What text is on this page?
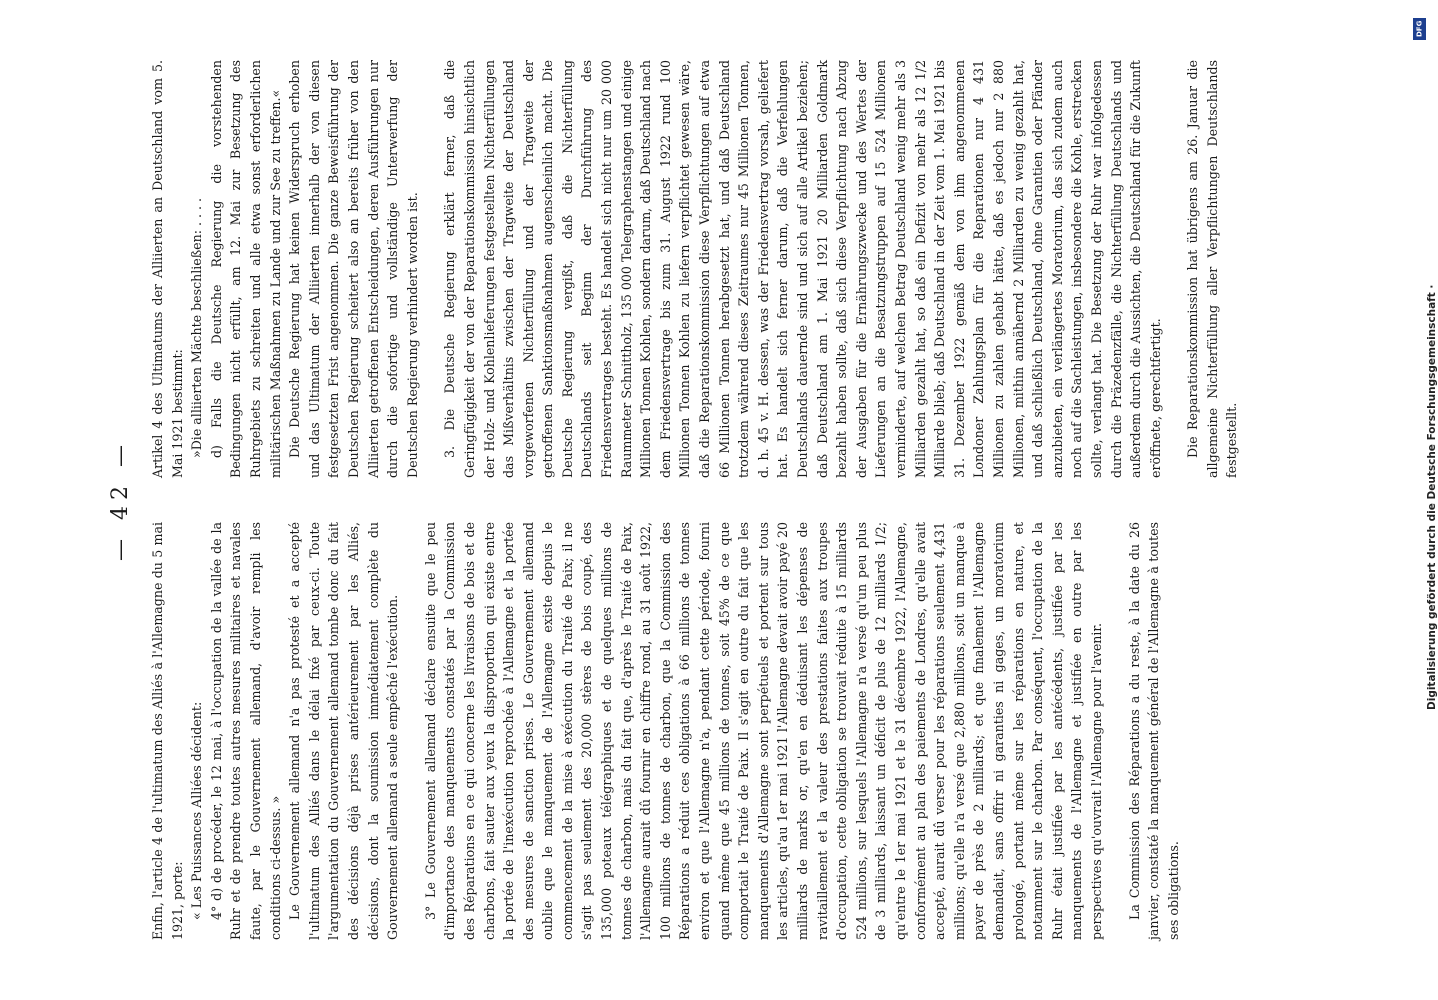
— 42 —

Enfin, l'article 4 de l'ultimatum des Alliés à l'Allemagne du 5 mai 1921, porte: « Les Puissances Alliées décident: 4° d) de procéder, le 12 mai, à l'occupation de la vallée de la Ruhr et de prendre toutes autres mesures militaires et navales faute, par le Gouvernement allemand, d'avoir rempli les conditions ci-dessus. » Le Gouvernement allemand n'a pas protesté et a accepté l'ultimatum des Alliés dans le délai fixé par ceux-ci. Toute l'argumentation du Gouvernement allemand tombe donc du fait des décisions déjà prises antérieurement par les Alliés, décisions, dont la soumission immédiatement complète du Gouvernement allemand a seule empêché l'exécution. 3° Le Gouvernement allemand déclare ensuite que le peu d'importance des manquements constatés par la Commission des Réparations en ce qui concerne les livraisons de bois et de charbons, fait sauter aux yeux la disproportion qui existe entre la portée de l'inexécution reprochée à l'Allemagne et la portée des mesures de sanction prises. Le Gouvernement allemand oublie que le manquement de l'Allemagne existe depuis le commencement de la mise à exécution du Traité de Paix; il ne s'agit pas seulement des 20,000 stères de bois coupé, des 135,000 poteaux télégraphiques et de quelques millions de tonnes de charbon, mais du fait que, d'après le Traité de Paix, l'Allemagne aurait dû fournir en chiffre rond, au 31 août 1922, 100 millions de tonnes de charbon, que la Commission des Réparations a réduit ces obligations à 66 millions de tonnes environ et que l'Allemagne n'a, pendant cette période, fourni quand même que 45 millions de tonnes, soit 45% de ce que comportait le Traité de Paix. Il s'agit en outre du fait que les manquements d'Allemagne sont perpétuels et portent sur tous les articles, qu'au 1er mai 1921 l'Allemagne devait avoir payé 20 milliards de marks or, qu'en en déduisant les dépenses de ravitaillement et la valeur des prestations faites aux troupes d'occupation, cette obligation se trouvait réduite à 15 milliards 524 millions, sur lesquels l'Allemagne n'a versé qu'un peu plus de 3 milliards, laissant un déficit de plus de 12 milliards 1/2; qu'entre le 1er mai 1921 et le 31 décembre 1922, l'Allemagne, conformément au plan des paiements de Londres, qu'elle avait accepté, aurait dû verser pour les réparations seulement 4,431 millions; qu'elle n'a versé que 2,880 millions, soit un manque à payer de près de 2 milliards; et que finalement l'Allemagne demandait, sans offrir ni garanties ni gages, un moratorium prolongé, portant même sur les réparations en nature, et notamment sur le charbon. Par conséquent, l'occupation de la Ruhr était justifiée par les antécédents, justifiée par les manquements de l'Allemagne et justifiée en outre par les perspectives qu'ouvrait l'Allemagne pour l'avenir. La Commission des Réparations a du reste, à la date du 26 janvier, constaté la manquement général de l'Allemagne à toutes ses obligations.

Artikel 4 des Ultimatums der Alliierten an Deutschland vom 5. Mai 1921 bestimmt: »Die alliierten Mächte beschließen: . . . . d) Falls die Deutsche Regierung die vorstehenden Bedingungen nicht erfüllt, am 12. Mai zur Besetzung des Ruhrgebiets zu schreiten und alle etwa sonst erforderlichen militärischen Maßnahmen zu Lande und zur See zu treffen.« Die Deutsche Regierung hat keinen Widerspruch erhoben und das Ultimatum der Alliierten innerhalb der von diesen festgesetzten Frist angenommen. Die ganze Beweisführung der Deutschen Regierung scheitert also an bereits früher von den Alliierten getroffenen Entscheidungen, deren Ausführungen nur durch die sofortige und vollständige Unterwerfung der Deutschen Regierung verhindert worden ist. 3. Die Deutsche Regierung erklärt ferner, daß die Geringfügigkeit der von der Reparationskommission hinsichtlich der Holz- und Kohlenlieferungen festgestellten Nichterfüllungen das Mißverhältnis zwischen der Tragweite der Deutschland vorgeworfenen Nichterfüllung und der Tragweite der getroffenen Sanktionsmaßnahmen augenscheinlich macht. Die Deutsche Regierung vergißt, daß die Nichterfüllung Deutschlands seit Beginn der Durchführung des Friedensvertrages besteht. Es handelt sich nicht nur um 20 000 Raummeter Schnittholz, 135 000 Telegraphenstangen und einige Millionen Tonnen Kohlen, sondern darum, daß Deutschland nach dem Friedensvertrage bis zum 31. August 1922 rund 100 Millionen Tonnen Kohlen zu liefern verpflichtet gewesen wäre, daß die Reparationskommission diese Verpflichtungen auf etwa 66 Millionen Tonnen herabgesetzt hat, und daß Deutschland trotzdem während dieses Zeitraumes nur 45 Millionen Tonnen, d. h. 45 v. H. dessen, was der Friedensvertrag vorsah, geliefert hat. Es handelt sich ferner darum, daß die Verfehlungen Deutschlands dauernde sind und sich auf alle Artikel beziehen; daß Deutschland am 1. Mai 1921 20 Milliarden Goldmark bezahlt haben sollte, daß sich diese Verpflichtung nach Abzug der Ausgaben für die Ernährungszwecke und des Wertes der Lieferungen an die Besatzungstruppen auf 15 524 Millionen verminderte, auf welchen Betrag Deutschland wenig mehr als 3 Milliarden gezahlt hat, so daß ein Defizit von mehr als 12 1/2 Milliarde blieb; daß Deutschland in der Zeit vom 1. Mai 1921 bis 31. Dezember 1922 gemäß dem von ihm angenommenen Londoner Zahlungsplan für die Reparationen nur 4 431 Millionen zu zahlen gehabt hätte, daß es jedoch nur 2 880 Millionen, mithin annähernd 2 Milliarden zu wenig gezahlt hat, und daß schließlich Deutschland, ohne Garantien oder Pfänder anzubieten, ein verlängertes Moratorium, das sich zudem auch noch auf die Sachleistungen, insbesondere die Kohle, erstrecken sollte, verlangt hat. Die Besetzung der Ruhr war infolgedessen durch die Präzedenzfälle, die Nichterfüllung Deutschlands und außerdem durch die Aussichten, die Deutschland für die Zukunft eröffnete, gerechtfertigt. Die Reparationskommission hat übrigens am 26. Januar die allgemeine Nichterfüllung aller Verpflichtungen Deutschlands festgestellt.

DFG
Digitalisierung gefördert durch die Deutsche Forschungsgemeinschaft ·
